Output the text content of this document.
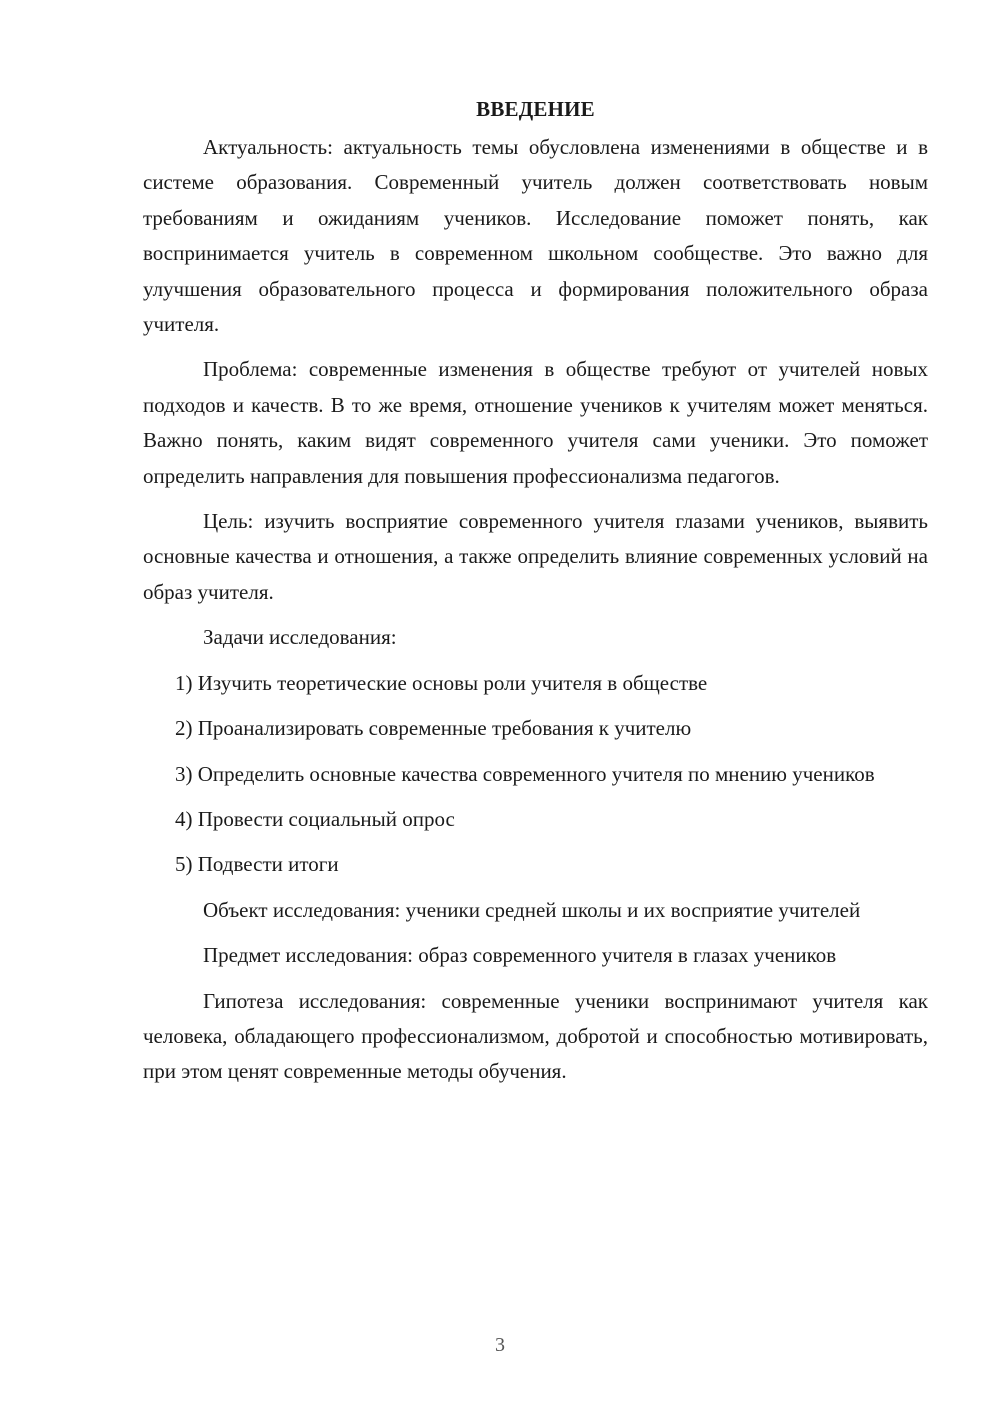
ВВЕДЕНИЕ

Актуальность: актуальность темы обусловлена изменениями в обществе и в системе образования. Современный учитель должен соответствовать новым требованиям и ожиданиям учеников. Исследование поможет понять, как воспринимается учитель в современном школьном сообществе. Это важно для улучшения образовательного процесса и формирования положительного образа учителя.

Проблема: современные изменения в обществе требуют от учителей новых подходов и качеств. В то же время, отношение учеников к учителям может меняться. Важно понять, каким видят современного учителя сами ученики. Это поможет определить направления для повышения профессионализма педагогов.

Цель: изучить восприятие современного учителя глазами учеников, выявить основные качества и отношения, а также определить влияние современных условий на образ учителя.

Задачи исследования:

1) Изучить теоретические основы роли учителя в обществе

2) Проанализировать современные требования к учителю

3) Определить основные качества современного учителя по мнению учеников

4) Провести социальный опрос

5) Подвести итоги

Объект исследования: ученики средней школы и их восприятие учителей

Предмет исследования: образ современного учителя в глазах учеников

Гипотеза исследования: современные ученики воспринимают учителя как человека, обладающего профессионализмом, добротой и способностью мотивировать, при этом ценят современные методы обучения.

3
